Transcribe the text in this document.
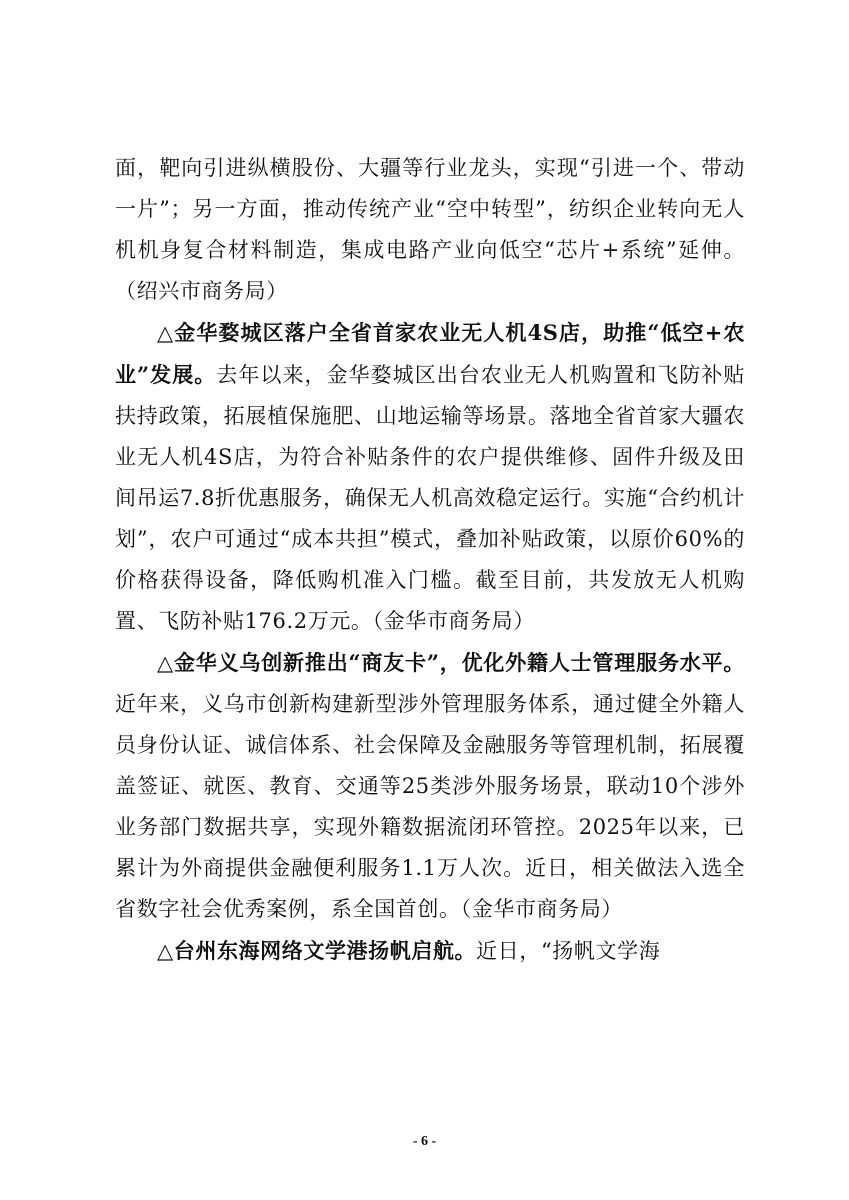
面，靶向引进纵横股份、大疆等行业龙头，实现“引进一个、带动一片”；另一方面，推动传统产业“空中转型”，纺织企业转向无人机机身复合材料制造，集成电路产业向低空“芯片+系统”延伸。（绍兴市商务局）

△金华婺城区落户全省首家农业无人机4S店，助推“低空+农业”发展。去年以来，金华婺城区出台农业无人机购置和飞防补贴扶持政策，拓展植保施肥、山地运输等场景。落地全省首家大疆农业无人机4S店，为符合补贴条件的农户提供维修、固件升级及田间吊运7.8折优惠服务，确保无人机高效稳定运行。实施“合约机计划”，农户可通过“成本共担”模式，叠加补贴政策，以原价60%的价格获得设备，降低购机准入门槛。截至目前，共发放无人机购置、飞防补贴176.2万元。（金华市商务局）

△金华义乌创新推出“商友卡”，优化外籍人士管理服务水平。近年来，义乌市创新构建新型涉外管理服务体系，通过健全外籍人员身份认证、诚信体系、社会保障及金融服务等管理机制，拓展覆盖签证、就医、教育、交通等25类涉外服务场景，联动10个涉外业务部门数据共享，实现外籍数据流闭环管控。2025年以来，已累计为外商提供金融便利服务1.1万人次。近日，相关做法入选全省数字社会优秀案例，系全国首创。（金华市商务局）

△台州东海网络文学港扬帆启航。近日，“扬帆文学海

- 6 -
